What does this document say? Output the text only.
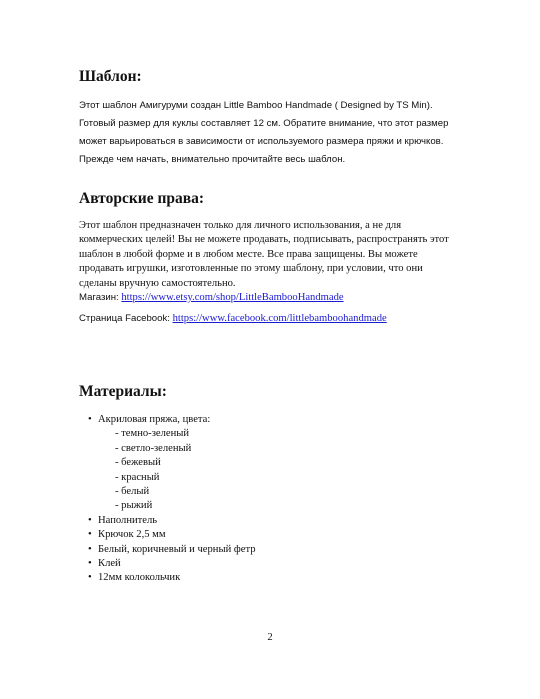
Шаблон:

Этот шаблон Амигуруми создан Little Bamboo Handmade ( Designed by TS Min).

Готовый размер для куклы составляет 12 см. Обратите внимание, что этот размер

может варьироваться в зависимости от используемого размера пряжи и крючков.

Прежде чем начать, внимательно прочитайте весь шаблон.

Авторские права:

Этот шаблон предназначен только для личного использования, а не для

коммерческих целей! Вы не можете продавать, подписывать, распространять этот

шаблон в любой форме и в любом месте. Все права защищены. Вы можете

продавать игрушки, изготовленные по этому шаблону, при условии, что они

сделаны вручную самостоятельно.

Магазин: https://www.etsy.com/shop/LittleBambooHandmade

Страница Facebook: https://www.facebook.com/littlebamboohandmade
Материалы:
• Акриловая пряжа, цвета:
- темно-зеленый
- светло-зеленый
- бежевый
- красный
- белый
- рыжий
• Наполнитель
• Крючок 2,5 мм
• Белый, коричневый и черный фетр
• Клей
• 12мм колокольчик
2
